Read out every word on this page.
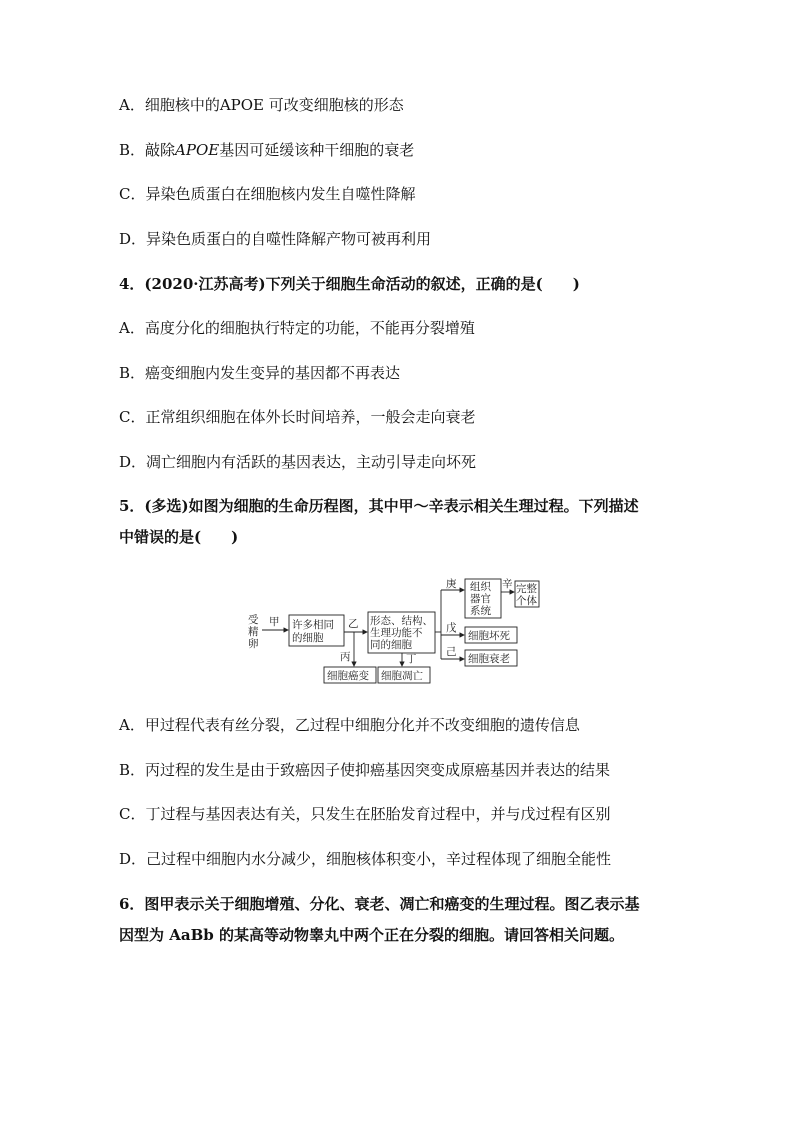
A．细胞核中的APOE 可改变细胞核的形态
B．敲除APOE基因可延缓该种干细胞的衰老
C．异染色质蛋白在细胞核内发生自噬性降解
D．异染色质蛋白的自噬性降解产物可被再利用
4．(2020·江苏高考)下列关于细胞生命活动的叙述，正确的是(　　)
A．高度分化的细胞执行特定的功能，不能再分裂增殖
B．癌变细胞内发生变异的基因都不再表达
C．正常组织细胞在体外长时间培养，一般会走向衰老
D．凋亡细胞内有活跃的基因表达，主动引导走向坏死
5．(多选)如图为细胞的生命历程图，其中甲～辛表示相关生理过程。下列描述
中错误的是(　　)
受
精
卵
甲 许多相同
的细胞
乙
丙
形态、结构、
生理功能不
同的细胞
丁
细胞癌变 细胞凋亡
庚 组织
器官
系统
辛 完整
个体
戊
细胞坏死
己
细胞衰老
A．甲过程代表有丝分裂，乙过程中细胞分化并不改变细胞的遗传信息
B．丙过程的发生是由于致癌因子使抑癌基因突变成原癌基因并表达的结果
C．丁过程与基因表达有关，只发生在胚胎发育过程中，并与戊过程有区别
D．己过程中细胞内水分减少，细胞核体积变小，辛过程体现了细胞全能性
6．图甲表示关于细胞增殖、分化、衰老、凋亡和癌变的生理过程。图乙表示基
因型为 AaBb 的某高等动物睾丸中两个正在分裂的细胞。请回答相关问题。
